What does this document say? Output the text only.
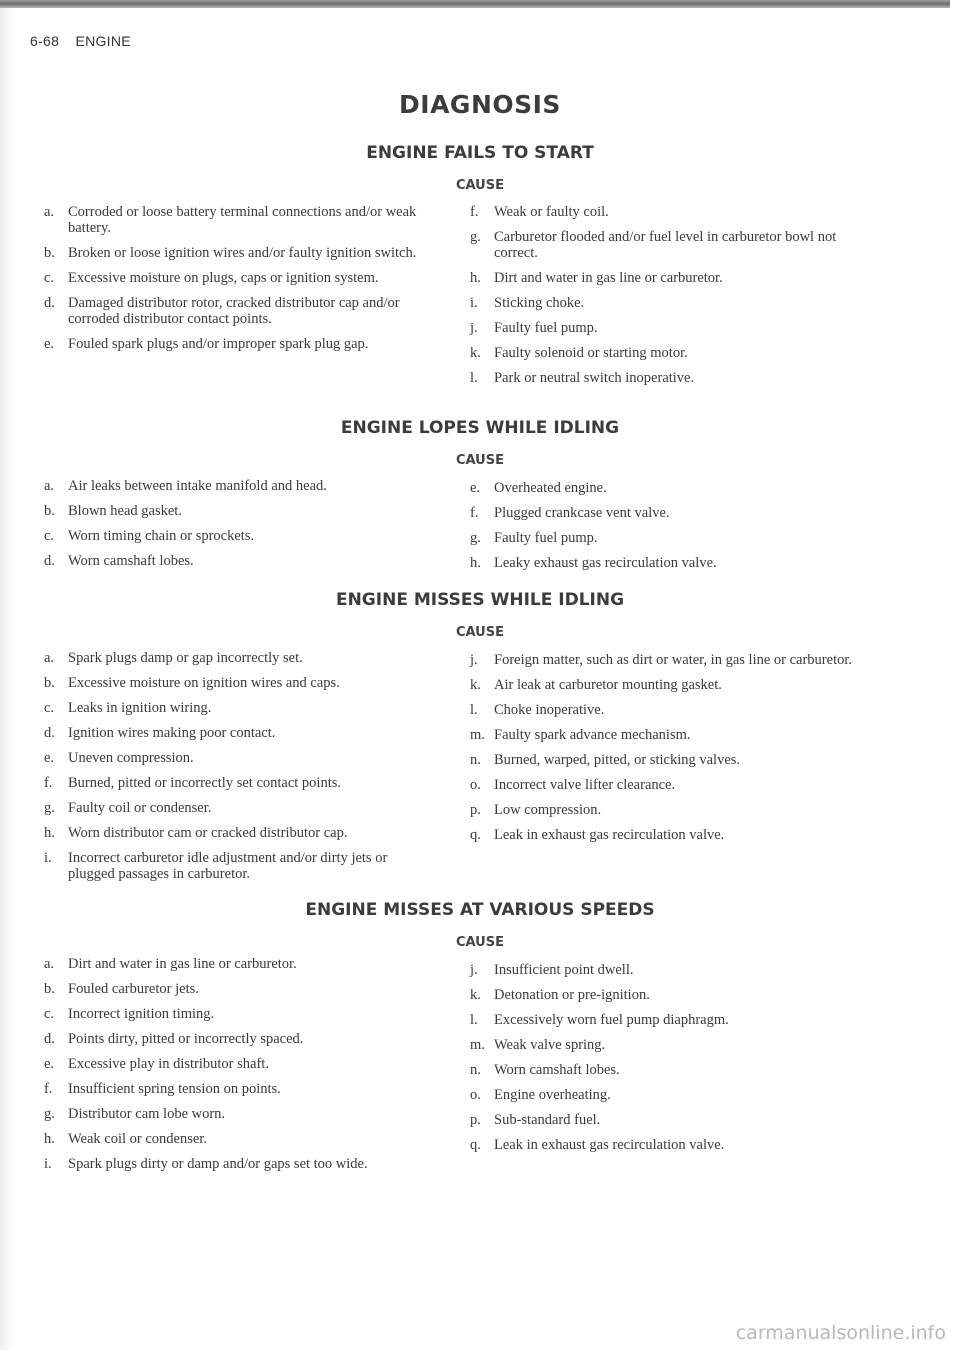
6-68 ENGINE
DIAGNOSIS
ENGINE FAILS TO START
CAUSE
a. Corroded or loose battery terminal connections and/or weak battery.
b. Broken or loose ignition wires and/or faulty ignition switch.
c. Excessive moisture on plugs, caps or ignition system.
d. Damaged distributor rotor, cracked distributor cap and/or corroded distributor contact points.
e. Fouled spark plugs and/or improper spark plug gap.
f. Weak or faulty coil.
g. Carburetor flooded and/or fuel level in carburetor bowl not correct.
h. Dirt and water in gas line or carburetor.
i. Sticking choke.
j. Faulty fuel pump.
k. Faulty solenoid or starting motor.
l. Park or neutral switch inoperative.
ENGINE LOPES WHILE IDLING
CAUSE
a. Air leaks between intake manifold and head.
b. Blown head gasket.
c. Worn timing chain or sprockets.
d. Worn camshaft lobes.
e. Overheated engine.
f. Plugged crankcase vent valve.
g. Faulty fuel pump.
h. Leaky exhaust gas recirculation valve.
ENGINE MISSES WHILE IDLING
CAUSE
a. Spark plugs damp or gap incorrectly set.
b. Excessive moisture on ignition wires and caps.
c. Leaks in ignition wiring.
d. Ignition wires making poor contact.
e. Uneven compression.
f. Burned, pitted or incorrectly set contact points.
g. Faulty coil or condenser.
h. Worn distributor cam or cracked distributor cap.
i. Incorrect carburetor idle adjustment and/or dirty jets or plugged passages in carburetor.
j. Foreign matter, such as dirt or water, in gas line or carburetor.
k. Air leak at carburetor mounting gasket.
l. Choke inoperative.
m. Faulty spark advance mechanism.
n. Burned, warped, pitted, or sticking valves.
o. Incorrect valve lifter clearance.
p. Low compression.
q. Leak in exhaust gas recirculation valve.
ENGINE MISSES AT VARIOUS SPEEDS
CAUSE
a. Dirt and water in gas line or carburetor.
b. Fouled carburetor jets.
c. Incorrect ignition timing.
d. Points dirty, pitted or incorrectly spaced.
e. Excessive play in distributor shaft.
f. Insufficient spring tension on points.
g. Distributor cam lobe worn.
h. Weak coil or condenser.
i. Spark plugs dirty or damp and/or gaps set too wide.
j. Insufficient point dwell.
k. Detonation or pre-ignition.
l. Excessively worn fuel pump diaphragm.
m. Weak valve spring.
n. Worn camshaft lobes.
o. Engine overheating.
p. Sub-standard fuel.
q. Leak in exhaust gas recirculation valve.
carmanualsonline.info
